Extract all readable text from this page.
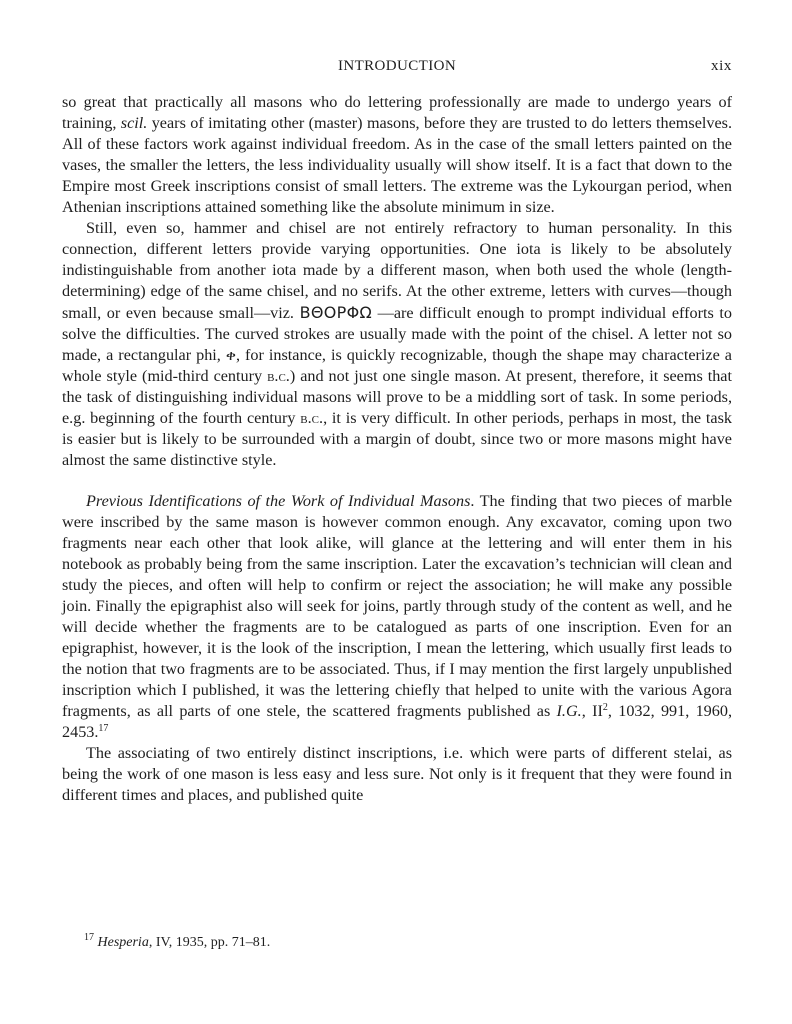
INTRODUCTION	xix

so great that practically all masons who do lettering professionally are made to undergo years of training, scil. years of imitating other (master) masons, before they are trusted to do letters themselves. All of these factors work against individual freedom. As in the case of the small letters painted on the vases, the smaller the letters, the less individuality usually will show itself. It is a fact that down to the Empire most Greek inscriptions consist of small letters. The extreme was the Lykourgan period, when Athenian inscriptions attained something like the absolute minimum in size.

Still, even so, hammer and chisel are not entirely refractory to human personality. In this connection, different letters provide varying opportunities. One iota is likely to be absolutely indistinguishable from another iota made by a different mason, when both used the whole (length-determining) edge of the same chisel, and no serifs. At the other extreme, letters with curves—though small, or even because small—viz. ΒΘΟΡΦΩ —are difficult enough to prompt individual efforts to solve the difficulties. The curved strokes are usually made with the point of the chisel. A letter not so made, a rectangular phi, ቀ, for instance, is quickly recognizable, though the shape may characterize a whole style (mid-third century b.c.) and not just one single mason. At present, therefore, it seems that the task of distinguishing individual masons will prove to be a middling sort of task. In some periods, e.g. beginning of the fourth century b.c., it is very difficult. In other periods, perhaps in most, the task is easier but is likely to be surrounded with a margin of doubt, since two or more masons might have almost the same distinctive style.

Previous Identifications of the Work of Individual Masons. The finding that two pieces of marble were inscribed by the same mason is however common enough. Any excavator, coming upon two fragments near each other that look alike, will glance at the lettering and will enter them in his notebook as probably being from the same inscription. Later the excavation’s technician will clean and study the pieces, and often will help to confirm or reject the association; he will make any possible join. Finally the epigraphist also will seek for joins, partly through study of the content as well, and he will decide whether the fragments are to be catalogued as parts of one inscription. Even for an epigraphist, however, it is the look of the inscription, I mean the lettering, which usually first leads to the notion that two fragments are to be associated. Thus, if I may mention the first largely unpublished inscription which I published, it was the lettering chiefly that helped to unite with the various Agora fragments, as all parts of one stele, the scattered fragments published as I.G., $II^2$, 1032, 991, 1960, 2453.17

The associating of two entirely distinct inscriptions, i.e. which were parts of different stelai, as being the work of one mason is less easy and less sure. Not only is it frequent that they were found in different times and places, and published quite

$^{17}$ Hesperia, IV, 1935, pp. 71–81.
